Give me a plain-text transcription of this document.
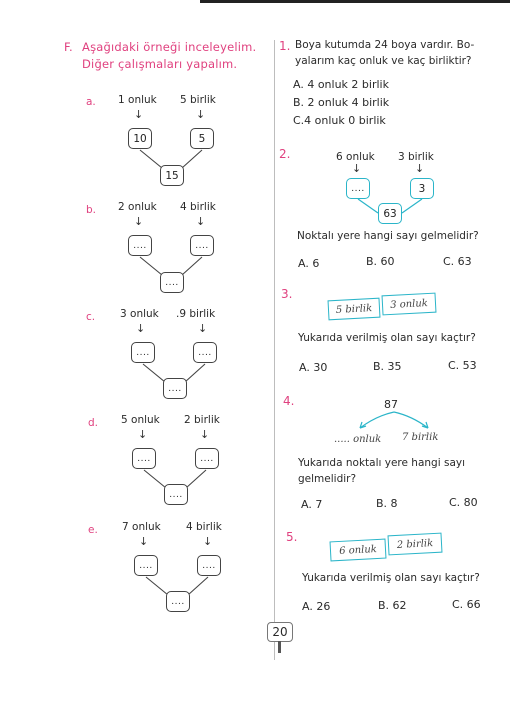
F. Aşağıdaki örneği inceleyelim.
Diğer çalışmaları yapalım.
a. 1 onluk 5 birlik
↓	↓
10	5
15
b. 2 onluk 4 birlik
↓	↓
....	....
....
c. 3 onluk .9 birlik
↓	↓
....	....
....
d. 5 onluk 2 birlik
↓	↓
....	....
....
e. 7 onluk 4 birlik
↓	↓
....	....
....
1. Boya kutumda 24 boya vardır. Bo-
yalarım kaç onluk ve kaç birliktir?
A. 4 onluk 2 birlik
B. 2 onluk 4 birlik
C.4 onluk 0 birlik
2.	6 onluk 3 birlik
↓	↓
....	3
63
Noktalı yere hangi sayı gelmelidir?
A. 6	B. 60	C. 63
3.
5 birlik	3 onluk
Yukarıda verilmiş olan sayı kaçtır?
A. 30	B. 35	C. 53
4.	87
..... onluk 7 birlik
Yukarıda noktalı yere hangi sayı
gelmelidir?
A. 7	B. 8	C. 80
5.
6 onluk	2 birlik
Yukarıda verilmiş olan sayı kaçtır?
A. 26	B. 62	C. 66
20
